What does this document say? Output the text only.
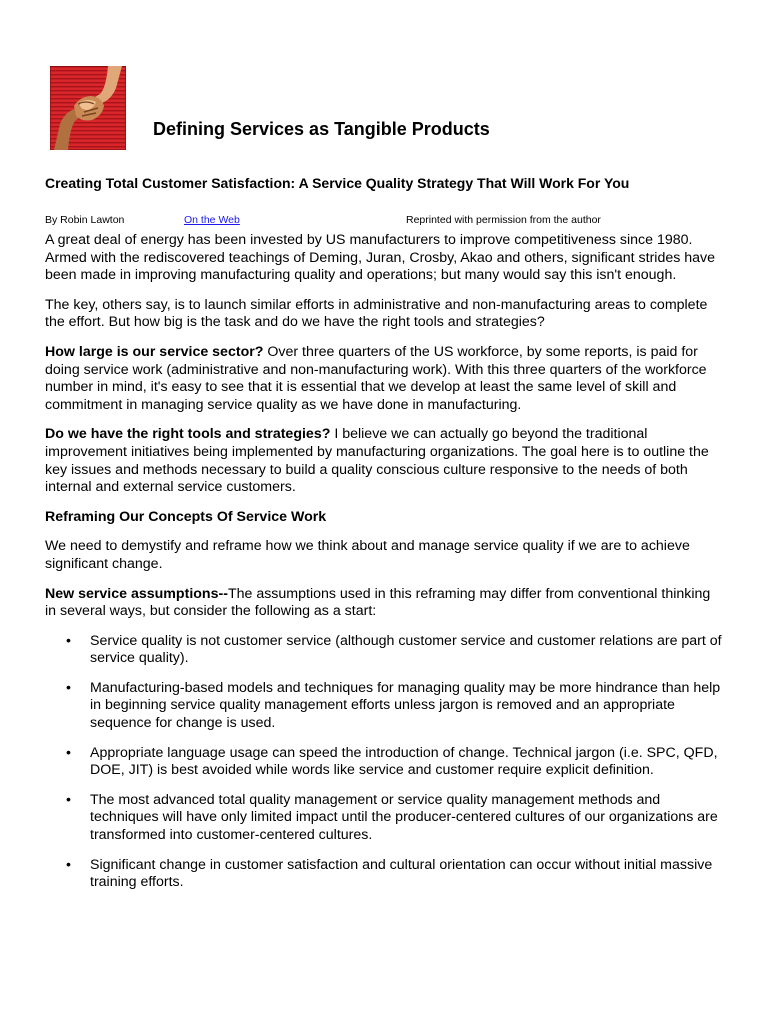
Defining Services as Tangible Products
Creating Total Customer Satisfaction: A Service Quality Strategy That Will Work For You
By Robin Lawton	On the Web	Reprinted with permission from the author

A great deal of energy has been invested by US manufacturers to improve competitiveness since 1980. Armed with the rediscovered teachings of Deming, Juran, Crosby, Akao and others, significant strides have been made in improving manufacturing quality and operations; but many would say this isn't enough.

The key, others say, is to launch similar efforts in administrative and non-manufacturing areas to complete the effort. But how big is the task and do we have the right tools and strategies?

How large is our service sector? Over three quarters of the US workforce, by some reports, is paid for doing service work (administrative and non-manufacturing work). With this three quarters of the workforce number in mind, it's easy to see that it is essential that we develop at least the same level of skill and commitment in managing service quality as we have done in manufacturing.

Do we have the right tools and strategies? I believe we can actually go beyond the traditional improvement initiatives being implemented by manufacturing organizations. The goal here is to outline the key issues and methods necessary to build a quality conscious culture responsive to the needs of both internal and external service customers.

Reframing Our Concepts Of Service Work

We need to demystify and reframe how we think about and manage service quality if we are to achieve significant change.

New service assumptions--The assumptions used in this reframing may differ from conventional thinking in several ways, but consider the following as a start:

• Service quality is not customer service (although customer service and customer relations are part of service quality).
• Manufacturing-based models and techniques for managing quality may be more hindrance than help in beginning service quality management efforts unless jargon is removed and an appropriate sequence for change is used.
• Appropriate language usage can speed the introduction of change. Technical jargon (i.e. SPC, QFD, DOE, JIT) is best avoided while words like service and customer require explicit definition.
• The most advanced total quality management or service quality management methods and techniques will have only limited impact until the producer-centered cultures of our organizations are transformed into customer-centered cultures.
• Significant change in customer satisfaction and cultural orientation can occur without initial massive training efforts.
